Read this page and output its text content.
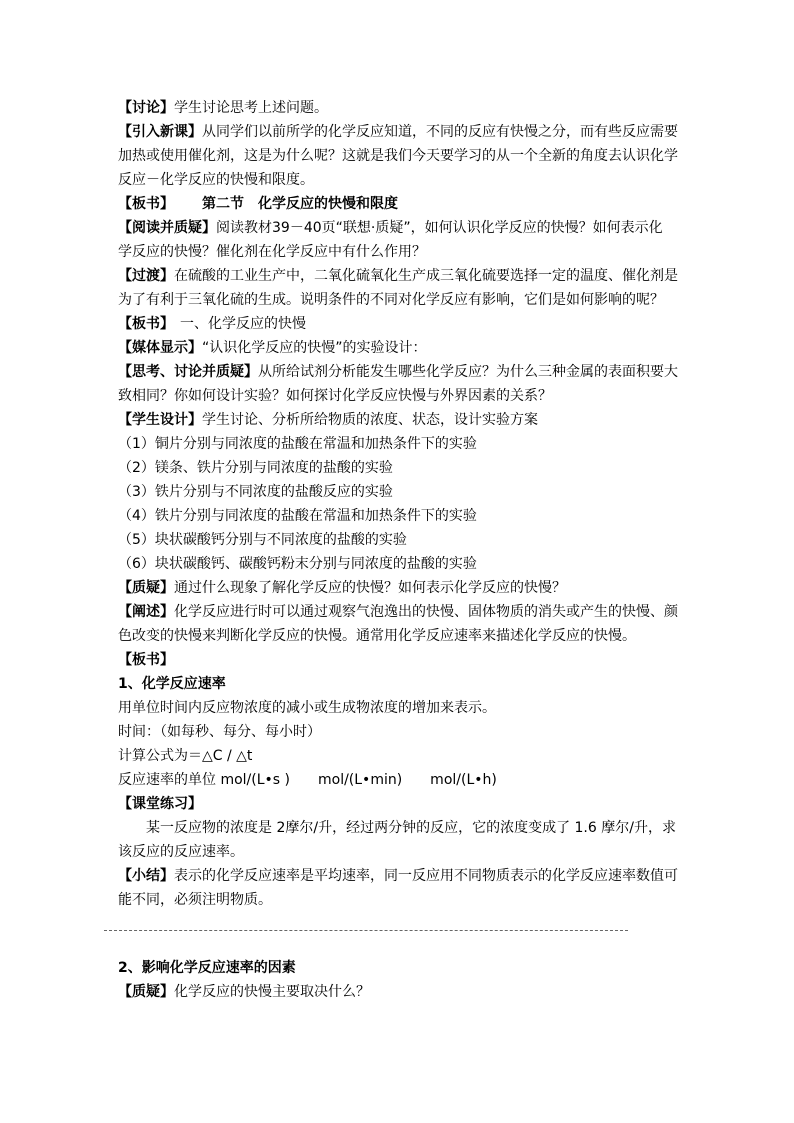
【讨论】学生讨论思考上述问题。
【引入新课】从同学们以前所学的化学反应知道，不同的反应有快慢之分，而有些反应需要
加热或使用催化剂，这是为什么呢？这就是我们今天要学习的从一个全新的角度去认识化学
反应－化学反应的快慢和限度。
【板书】 第二节　化学反应的快慢和限度
【阅读并质疑】阅读教材39－40页“联想·质疑”，如何认识化学反应的快慢？如何表示化
学反应的快慢？催化剂在化学反应中有什么作用？
【过渡】在硫酸的工业生产中，二氧化硫氧化生产成三氧化硫要选择一定的温度、催化剂是
为了有利于三氧化硫的生成。说明条件的不同对化学反应有影响，它们是如何影响的呢？
【板书】 一、化学反应的快慢
【媒体显示】“认识化学反应的快慢”的实验设计：
【思考、讨论并质疑】从所给试剂分析能发生哪些化学反应？为什么三种金属的表面积要大
致相同？你如何设计实验？如何探讨化学反应快慢与外界因素的关系？
【学生设计】学生讨论、分析所给物质的浓度、状态，设计实验方案
（1）铜片分别与同浓度的盐酸在常温和加热条件下的实验
（2）镁条、铁片分别与同浓度的盐酸的实验
（3）铁片分别与不同浓度的盐酸反应的实验
（4）铁片分别与同浓度的盐酸在常温和加热条件下的实验
（5）块状碳酸钙分别与不同浓度的盐酸的实验
（6）块状碳酸钙、碳酸钙粉末分别与同浓度的盐酸的实验
【质疑】通过什么现象了解化学反应的快慢？如何表示化学反应的快慢？
【阐述】化学反应进行时可以通过观察气泡逸出的快慢、固体物质的消失或产生的快慢、颜
色改变的快慢来判断化学反应的快慢。通常用化学反应速率来描述化学反应的快慢。
【板书】
1、化学反应速率
用单位时间内反应物浓度的减小或生成物浓度的增加来表示。
时间：（如每秒、每分、每小时）
计算公式为＝△C / △t
反应速率的单位 mol/(L•s )　　mol/(L•min)　　mol/(L•h)
【课堂练习】
某一反应物的浓度是 2摩尔/升，经过两分钟的反应，它的浓度变成了 1.6 摩尔/升，求
该反应的反应速率。
【小结】表示的化学反应速率是平均速率，同一反应用不同物质表示的化学反应速率数值可
能不同，必须注明物质。
2、影响化学反应速率的因素
【质疑】化学反应的快慢主要取决什么？
